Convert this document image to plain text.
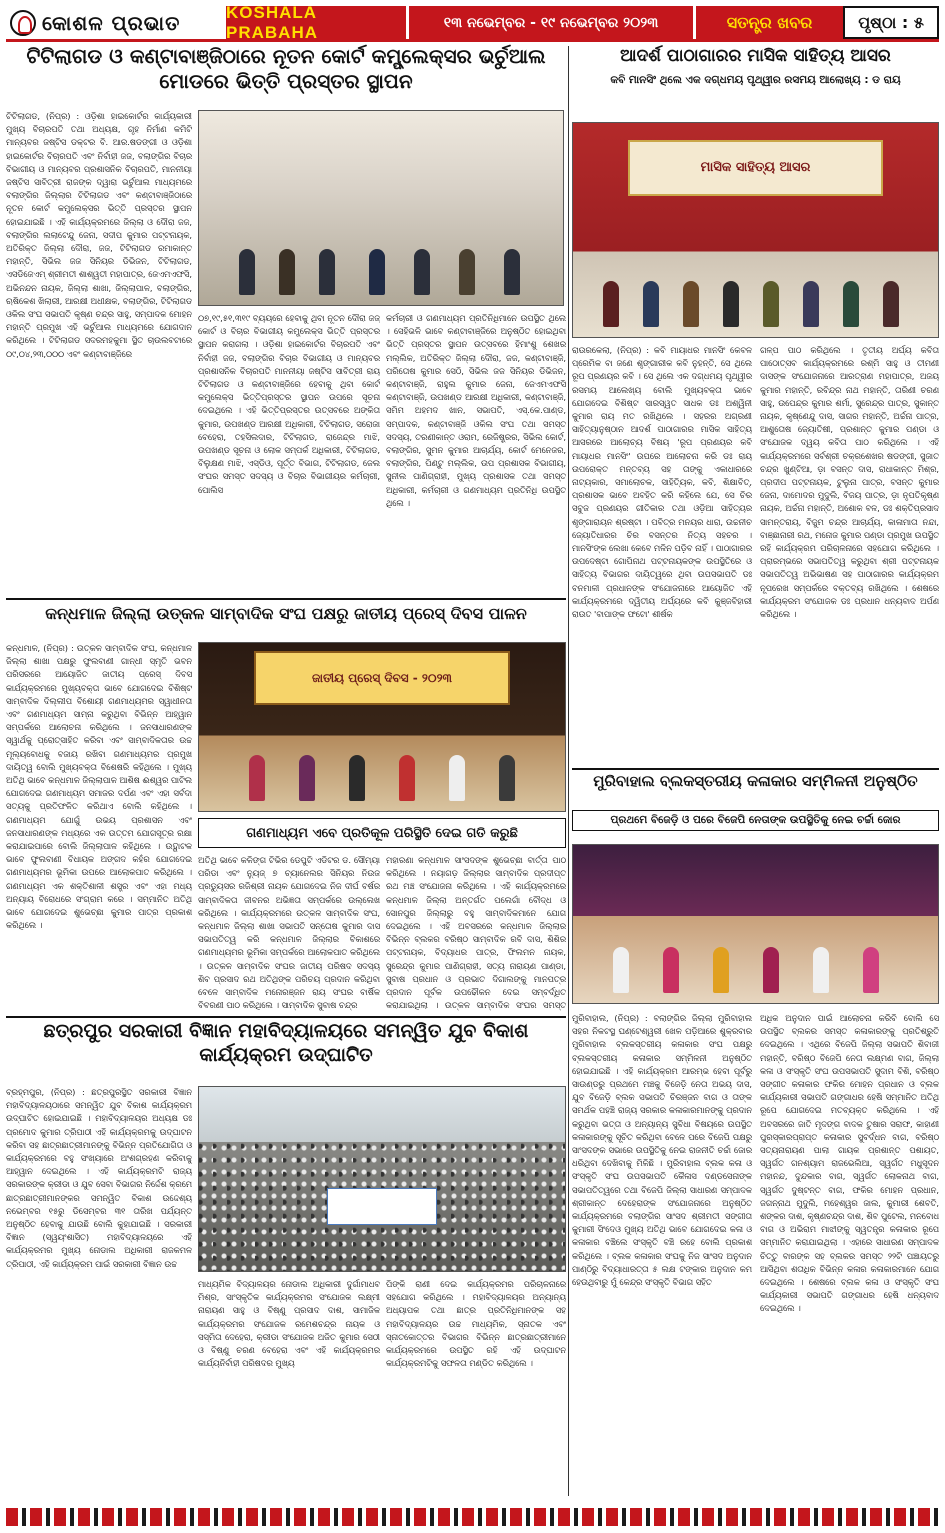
କୋଶଳ ପ୍ରଭାତ	KOSHALA PRABAHA	୧୩ ନଭେମ୍ବର - ୧୯ ନଭେମ୍ବର ୨୦୨୩	ସତନ୍ତ୍ର ଖବର	ପୃଷ୍ଠା : ୫
ଟିଟିଲାଗଡ ଓ କଣ୍ଟାବାଞ୍ଜିଠାରେ ନୂତନ କୋର୍ଟ କମ୍ପ୍ଲେକ୍ସର ଭର୍ଚୁଆଲ ମୋଡରେ ଭିତ୍ତି ପ୍ରସ୍ତର ସ୍ଥାପନ
ଟିଟିଲାଗଡ, (ନିପ୍ର) : ଓଡ଼ିଶା ହାଇକୋର୍ଟର କାର୍ଯ୍ୟକାରୀ ମୁଖ୍ୟ ବିଚାରପତି ତଥା ଅଧ୍ୟକ୍ଷ, ଗୃହ ନିର୍ମାଣ କମିଟି ମାନ୍ୟବର ଜଷ୍ଟିସ ଡକ୍ଟର ବି. ଆର.ଷଡଙ୍ଗୀ ଓ ଓଡ଼ିଶା ହାଇକୋର୍ଟର ବିଚାରପତି ଏବଂ ନିର୍ବାହୀ ଜଜ, ବଲାଙ୍ଗିର ବିଚାର ବିଭାଗୀୟ ଓ ମାନ୍ୟବର ପ୍ରଶାସନିକ ବିଚାରପତି, ମାନନୀୟା ଜଷ୍ଟିସ ସାବିତ୍ରୀ ରାଜଙ୍କ ଦ୍ୱାରା ଭର୍ଚୁଆଲ ମାଧ୍ୟମରେ ବଲାଙ୍ଗିର ଜିଲ୍ଲାର ଟିଟିଲାଗଡ ଏବଂ କଣ୍ଟାବାଞ୍ଜିଠାରେ ନୂତନ କୋର୍ଟ କମ୍ପ୍ଲେକ୍ସର ଭିତ୍ତି ପ୍ରସ୍ତର ସ୍ଥାପନ ହୋଇଯାଇଛି । ଏହି କାର୍ଯ୍ୟକ୍ରମରେ ଜିଲ୍ଲା ଓ ଦୌରା ଜଜ, ବଲାଙ୍ଗିର ଲଲାଟେନ୍ଦୁ ଜେନା, ସଦୀପ କୁମାର ପଟ୍ଟନାୟକ, ଅତିରିକ୍ତ ଜିଲ୍ଲା ଦୌରା, ଜଜ, ଟିଟିଲାଗଡ ରମାକାନ୍ତ ମହାନ୍ତି, ସିଭିଲ ଜଜ ସିନିୟର ଡିଭିଜନ, ଟିଟିଲାଗଡ, ଏସଡିଜେଏମ୍ ଶ୍ରୀମତୀ ଶାଶ୍ୱତୀ ମହାପାତ୍ର, ଜେଏମଏଫସି, ଅଭିନନ୍ଦନ ନାୟକ, ଜିଲ୍ଲା ଶାଖା, ଜିଲ୍ଲାପାଳ, ବଲାଙ୍ଗିର, ଋଷିକେଶ ଖିଲାରୀ, ଆରକ୍ଷୀ ଅଧୀକ୍ଷକ, ବଲାଙ୍ଗିର, ଟିଟିଲାଗଡ ଓକିଲ ସଂଘ ସଭାପତି କୃଷ୍ଣ ଚନ୍ଦ୍ର ସାହୁ, ସମ୍ପାଦକ ମୋହନ ମହାନ୍ତି ପ୍ରମୁଖ ଏହି ଭର୍ଚୁଆଲ ମାଧ୍ୟମରେ ଯୋଗଦାନ କରିଥିଲେ । ଟିଟିଲାଗଡ ସଦରମହକୁମା ସ୍ଥିତ ଚାଉଲବଟାରେ ୦୯,୦୪,୨୩,୦୦୦ ଏବଂ କଣ୍ଟାବାଞ୍ଜିରେ
୦୭,୧୯,୫୧,୩୧୯ ବ୍ୟୟରେ ହେବାକୁ ଥିବା ନୂତନ ଦୌରା ଜଜ୍ କୋର୍ଟ ଓ ବିଚାର ବିଭାଗୀୟ କମ୍ପ୍ଲେକ୍ସ ଭିତ୍ତି ପ୍ରସ୍ତର ସ୍ଥାପନ କରାଗଲା । ଓଡ଼ିଶା ହାଇକୋର୍ଟର ବିଚାରପତି ଏବଂ ନିର୍ବାହୀ ଜଜ, ବଲାଙ୍ଗିର ବିଚାର ବିଭାଗୀୟ ଓ ମାନ୍ୟବର ପ୍ରଶାସନିକ ବିଚାରପତି ମାନନୀୟା ଜଷ୍ଟିସ ସାବିତ୍ରୀ ରାୟ ଟିଟିଲାଗଡ ଓ କଣ୍ଟାବାଞ୍ଜିରେ ହେବାକୁ ଥିବା କୋର୍ଟ କମ୍ପ୍ଲେକ୍ସ ଭିତ୍ତିପ୍ରସ୍ତର ସ୍ଥାପନ ଉପରେ ସୂଚନା ଦେଇଥିଲେ । ଏହି ଭିତ୍ତିପ୍ରସ୍ତର ଉତ୍ସବରେ ଅଙ୍କିତା କୁମାର, ଉପଖଣ୍ଡ ଆରକ୍ଷୀ ଅଧିକାରୀ, ଟିଟିଲାଗଡ, ସରୋଜା ବେହେରା, ତହସିଲଦାର, ଟିଟିଲାଗଡ, ରାଜେନ୍ଦ୍ର ମାଝି, ଉପଖଣ୍ଡ ସୂଚନା ଓ ଲୋକ ସମ୍ପର୍କ ଅଧିକାରୀ, ଟିଟିଲାଗଡ, ବିଲୁକ୍ଷଣ ମାଝି, ଏସ୍‌ଡିଓ, ପୂର୍ତ୍ତ ବିଭାଗ, ଟିଟିଲାଗଡ, ଜେଲ ସଂଘର ସମସ୍ତ ସଦସ୍ୟ ଓ ବିଚାର ବିଭାଗୀୟର କର୍ମଚାରୀ, ପୋଲିସ
କର୍ମଚାରୀ ଓ ଗଣମାଧ୍ୟମ ପ୍ରତିନିଧିମାନେ ଉପସ୍ଥିତ ଥିଲେ । ସେହିଭଳି ଭାବେ କଣ୍ଟାବାଞ୍ଜିରେ ଅନୁଷ୍ଠିତ ହୋଇଥିବା ଭିତ୍ତି ପ୍ରସ୍ତର ସ୍ଥାପନ ଉତ୍ସବରେ ହିମାଂଶୁ ଶେଖର ମଲ୍ଲିକ, ଅତିରିକ୍ତ ଜିଲ୍ଲା ଦୌରା, ଜଜ, କଣ୍ଟାବାଞ୍ଜି, ପରିତୋଷ କୁମାର ସେଠି, ସିଭିଲ ଜଜ ସିନିୟର ଡିଭିଜନ, କଣ୍ଟାବାଞ୍ଜି, ରାହୁଲ କୁମାର ଜେନା, ଜେଏମଏଫସି କଣ୍ଟାବାଞ୍ଜି, ଉପଖଣ୍ଡ ଆରକ୍ଷୀ ଅଧିକାରୀ, କଣ୍ଟାବାଞ୍ଜି, ସମିମ ଅହମଦ ଖାନ, ସଭାପତି, ଏସ୍.କେ.ପାଣ୍ଡ, ସମ୍ପାଦକ, କଣ୍ଟାବାଞ୍ଜି ଓକିଲ ସଂଘ ତଥା ସମସ୍ତ ସଦସ୍ୟ, ତରଣୀକାନ୍ତ ଓରାମ, ରେଜିଷ୍ଟ୍ରର, ସିଭିଲ କୋର୍ଟ, ବଲାଙ୍ଗିର, ସୁମନ କୁମାର ଆଚାର୍ଯ୍ୟ, କୋର୍ଟ ମେନେଜର, ବଲାଙ୍ଗିର, ପିଣ୍ଟୁ ମଲ୍ଲିକ, ଉପ ପ୍ରଶାସକ ବିଭାଗୀୟ, ସୁନୀଲ ପାଣିଗ୍ରାହୀ, ମୁଖ୍ୟ ପ୍ରଶାସକ ତଥା ସମସ୍ତ ଅଧିକାରୀ, କର୍ମଚାରୀ ଓ ଗଣମାଧ୍ୟମ ପ୍ରତିନିଧି ଉପସ୍ଥିତ ଥିଲେ ।
ଆଦର୍ଶ ପାଠାଗାରର ମାସିକ ସାହିତ୍ୟ ଆସର
କବି ମାନସିଂ ଥିଲେ ଏକ ଦଗ୍ଧମୟ ପୃଥ୍ୱୀର ରସମୟ ଆଲୋଖ୍ୟ : ଡ ରାୟ
ମାସିକ ସାହିତ୍ୟ ଆସର
ରାଉରକେଲା, (ନିପ୍ର) : କବି ମାୟାଧର ମାନସିଂ କେବଳ ପ୍ରେମିକ ବା ଜଣେ ଶୃଙ୍ଗାରୀକ କବି ନୁହନ୍ତି, ସେ ଥିଲେ ରୂପ ପ୍ରଣୟର କବି । ସେ ଥିଲେ ଏକ ଦଗ୍ଧମୟ ପୃଥ୍ୱୀର ରସମୟ ଆଲେଖ୍ୟ ବୋଲି ମୁଖ୍ୟବକ୍ତା ଭାବେ ଯୋଗଦେଇ ବିଶିଷ୍ଟ ସାରସ୍ୱତ ସାଧକ ଡଃ ଅଶ୍ୱିନୀ କୁମାର ରାୟ ମତ ରଖିଥିଲେ । ସହରର ଅଗ୍ରଣୀ ସାହିତ୍ୟାନୁଷ୍ଠାନ ଆଦର୍ଶ ପାଠାଗାରର ମାସିକ ସାହିତ୍ୟ ଆସରରେ ଆଲୋଚ୍ୟ ବିଷୟ 'ରୂପ ପ୍ରଣୟର କବି ମାୟାଧର ମାନସିଂ' ଉପରେ ଆଲୋଚନା କରି ଡଃ ରାୟ ଉପରୋକ୍ତ ମନ୍ତବ୍ୟ ସହ ତାଙ୍କୁ ଏକାଧାରରେ ନାଟ୍ୟକାର, ସମାଲୋଚକ, ସାହିତ୍ୟିକ, କବି, ଶିକ୍ଷାବିତ୍, ପ୍ରଶାସକ ଭାବେ ଅବହିତ କରି କହିଲେ ଯେ, ସେ ଚିର ସବୁଜ ପ୍ରଣୟର ଗୀତିକାର ତଥା ଓଡ଼ିଆ ସାହିତ୍ୟର ଶୃଙ୍ଗାରାୟନ ଶ୍ରଷ୍ଟା । ପବିତ୍ର ମନୟର ଧାରା, ଉଚ୍ଚନୀଚ ଜ୍ୟୋତିଧାରର ଚିର ବସନ୍ତର ନିତ୍ୟ ସହଚର । ମାନସିଂଙ୍କ ଲେଖା କେବେ ମଳିନ ପଡ଼ିବ ନାହିଁ । ପାଠାଗାରର ଉପଦେଷ୍ଟା ଗୋପିନାଥ ପଟ୍ଟନାୟକଙ୍କ ଉପସ୍ଥିତିରେ ଓ ସାହିତ୍ୟ ବିଭାଗର ଦାୟିତ୍ୱରେ ଥିବା ଉପସଭାପତି ଡଃ ବନମାଳୀ ପ୍ରଧାନଙ୍କ ସଂଯୋଜନାରେ ଆୟୋଜିତ ଏହି କାର୍ଯ୍ୟକ୍ରମରେ ଦ୍ୱିତୀୟ ଅର୍ଘ୍ୟରେ କବି କୁଞ୍ଜବିହାରୀ ରାଉତ 'ବାପାଙ୍କ ଫଟୋ' ଶୀର୍ଷକ
ଗଳ୍ପ ପାଠ କରିଥିଲେ । ତୃତୀୟ ଅର୍ଘ୍ୟ କବିତା ପାଠୋତ୍ସବ କାର୍ଯ୍ୟକ୍ରମରେ ରଶ୍ମି ସାହୁ ଓ ତୀମଣୀ ଦାସଙ୍କ ସଂଯୋଜନାରେ ଆରତ୍ରାଣ ମହାପାତ୍ର, ଅଜୟ କୁମାର ମହାନ୍ତି, ରବିନ୍ଦ୍ର ନାଥ ମହାନ୍ତି, ତାରିଣୀ ଚରଣ ସାହୁ, ଉପେନ୍ଦ୍ର କୁମାର ଶର୍ମା, ସୁରେନ୍ଦ୍ର ପାତ୍ର, ସୁକାନ୍ତ ନାୟକ, କୃଷ୍ଣେନ୍ଦୁ ଦାସ, ସାଗର ମହାନ୍ତି, ଅର୍ଚ୍ଚନା ପାତ୍ର, ଆଶୁତୋଷ ଜ୍ୟୋତିଷୀ, ପ୍ରଶାନ୍ତ କୁମାର ପଣ୍ଡା ଓ ସଂଯୋଜକ ଦ୍ୱୟ କବିତା ପାଠ କରିଥିଲେ । ଏହି କାର୍ଯ୍ୟକ୍ରମରେ ସର୍ବଶ୍ରୀ ଚକ୍ରଶେଖର ଷଡଙ୍ଗୀ, ସୁଜାତ ଚନ୍ଦ୍ର ଖୁଣ୍ଟିଆ, ଡ଼ା ବସନ୍ତ ଦାସ, ରାଧାକାନ୍ତ ମିଶ୍ର, ପ୍ରଦୀପ ପଟ୍ଟନାୟକ, ଟୁଲୁନା ପାତ୍ର, ବସନ୍ତ କୁମାର ଜେନା, ଦାମୋଦର ମୁଦୁଲି, ବିଜୟ ପାତ୍ର, ଡ଼ା ନୃପତିକୃଷ୍ଣ ନାୟକ, ଅର୍ଚ୍ଚନା ମହାନ୍ତି, ଅଶୋକ ବଳ, ଡଃ ଶକ୍ତିପ୍ରସାଦ ସାମନ୍ତରାୟ, ବିଜୁମ ଚନ୍ଦ୍ର ଆଚାର୍ଯ୍ୟ, କାଳାମାତା ନନ୍ଦା, ବାଞ୍ଛାନାରୀ ରଥ, ମନୋଜ କୁମାର ପଣ୍ଡା ପ୍ରମୁଖ ଉପସ୍ଥିତ ରହି କାର୍ଯ୍ୟକ୍ରମ ପରିଚାଳନାରେ ସହଯୋଗ କରିଥିଲେ । ପ୍ରାରମ୍ଭରେ ସଭାପତିତ୍ୱ କରୁଥିବା ଶ୍ରୀ ପଟ୍ଟନାୟକ ସଭାପତିତ୍ୱ ଅଭିଭାଷଣ ସହ ପାଠାଗାରର କାର୍ଯ୍ୟକ୍ରମ ନୂପରେଖ ସମ୍ପର୍କରେ ବକ୍ତବ୍ୟ ରଖିଥିଲେ । ଶେଷରେ କାର୍ଯ୍ୟକ୍ରମ ସଂଯୋଜକ ଡଃ ପ୍ରଧାନ ଧନ୍ୟବାଦ ଅର୍ପଣ କରିଥିଲେ ।
କନ୍ଧମାଳ ଜିଲ୍ଲା ଉତ୍କଳ ସାମ୍ବାଦିକ ସଂଘ ପକ୍ଷରୁ ଜାତୀୟ ପ୍ରେସ୍ ଦିବସ ପାଳନ
କନ୍ଧମାଳ, (ନିପ୍ର) : ଉତ୍କଳ ସାମ୍ବାଦିକ ସଂଘ, କନ୍ଧମାଳ ଜିଲ୍ଲା ଶାଖା ପକ୍ଷରୁ ଫୁଲବାଣୀ ଗାନ୍ଧୀ ସ୍ମୃତି ଭବନ ପରିସରରେ ଆୟୋଜିତ ଜାତୀୟ ପ୍ରେସ୍ ଦିବସ କାର୍ଯ୍ୟକ୍ରମରେ ମୁଖ୍ୟବକ୍ତା ଭାବେ ଯୋଗଦେଇ ବିଶିଷ୍ଟ ସାମ୍ବାଦିକ ଦିଲ୍ଲୀପ ବିଶୋୟୀ ଗଣମାଧ୍ୟମର ସ୍ୱାଧୀନତା ଏବଂ ଗଣମାଧ୍ୟମ ସାମ୍ନା କରୁଥିବା ବିଭିନ୍ନ ଆହ୍ୱାନ ସମ୍ପର୍କରେ ଆଲୋଚନା କରିଥିଲେ । ଜନସାଧାରଣଙ୍କ ସ୍ୱାର୍ଥକୁ ପ୍ରୋତ୍ସାହିତ କରିବା ଏବଂ ସାମ୍ବାଦିକତାର ଉଚ୍ଚ ମୂଲ୍ୟବୋଧକୁ ବଜାୟ ରଖିବା ଗଣମାଧ୍ୟମର ପ୍ରମୁଖ ଦାୟିତ୍ୱ ବୋଲି ମୁଖ୍ୟବକ୍ତା ବିଶେଷରି କହିଥିଲେ । ମୁଖ୍ୟ ଅତିଥି ଭାବେ କନ୍ଧମାଳ ଜିଲ୍ଲାପାଳ ଆଶିଷ ଈଶ୍ୱର ପାଟିଲ ଯୋଗଦେଇ ଗଣମାଧ୍ୟମ ସମାଜର ଦର୍ପଣ ଏବଂ ଏହା ସର୍ବଦା ସତ୍ୟକୁ ପ୍ରତିଫଳିତ କରିଥାଏ ବୋଲି କହିଥିଲେ । ଗଣମାଧ୍ୟମ ଯୋଗୁଁ ଉଭୟ ପ୍ରଶାସନ ଏବଂ ଜନସାଧାରଣଙ୍କ ମଧ୍ୟରେ ଏକ ଉତ୍ତମ ଯୋଗସୂତ୍ର ରକ୍ଷା କରାଯାଇପାରେ ବୋଲି ଜିଲ୍ଲାପାଳ କହିଥିଲେ । ଉଦ୍ଘାଟକ ଭାବେ ଫୁଲବାଣୀ ବିଧାୟକ ଅଙ୍ଗଦ କହଁର ଯୋଗଦେଇ ଗଣମାଧ୍ୟମର ଭୂମିକା ଉପରେ ଆଲୋକପାତ କରିଥିଲେ । ଗଣମାଧ୍ୟମ ଏକ ଶକ୍ତିଶାଳୀ ଶସ୍ତ୍ର ଏବଂ ଏହା ମଧ୍ୟ ଅନ୍ୟାୟ ବିରୋଧରେ ସଂଗ୍ରାମ କରେ । ସମ୍ମାନିତ ଅତିଥି ଭାବେ ଯୋଗଦେଇ ଶୁଭେଚ୍ଛା କୁମାର ପାତ୍ର ପ୍ରକାଶ କରିଥିଲେ ।
ଜାତୀୟ ପ୍ରେସ୍ ଦିବସ - ୨୦୨୩
ଗଣମାଧ୍ୟମ ଏବେ ପ୍ରତିକୂଳ ପରିସ୍ଥିତି ଦେଇ ଗତି କରୁଛି
ଅତିଥି ଭାବେ କଳିଙ୍ଗ ଟିଭିର ଡେପୁଟି ଏଡିଟର ଡ. ସୌମ୍ୟା ପରିଡା ଏବଂ ନ୍ୟୁଜ୍ ୭ ଚ୍ୟାନେଲର ସିନିୟର ନିଉଜ ପ୍ରଡ୍ୟୁସର ରଜିଶ୍ରୀ ନାୟକ ଯୋଗଦେଇ ନିଜ ଦୀର୍ଘ ବର୍ଷର ସାମ୍ବାଦିକତା ଜୀବନର ଅଭିଜ୍ଞତା ସମ୍ପର୍କରେ ଉଲ୍ଲେଖ କରିଥିଲେ । କାର୍ଯ୍ୟକ୍ରମରେ ଉତ୍କଳ ସାମ୍ବାଦିକ ସଂଘ, କନ୍ଧମାଳ ଜିଲ୍ଲା ଶାଖା ସଭାପତି ସନ୍ତୋଷ କୁମାର ଦାସ ସଭାପତିତ୍ୱ କରି କନ୍ଧମାଳ ଜିଲ୍ଲାର ବିକାଶରେ ଗଣମାଧ୍ୟମର ଭୂମିକା ସମ୍ପର୍କରେ ଆଲୋକପାତ କରିଥିଲେ । ଉତ୍କଳ ସାମ୍ବାଦିକ ସଂଘର ଜାତୀୟ ପରିଷଦ ସଦସ୍ୟ ଶିବ ପ୍ରସାଦ ରଥ ଅତିଥିଙ୍କ ପରିଚୟ ପ୍ରଦାନ କରିଥିବା ବେଳେ ସାମ୍ବାଦିକ ମନୋରଞ୍ଜନ ରାୟ ସଂଘର ବାର୍ଷିକ ବିବରଣୀ ପାଠ କରିଥିଲେ । ସାମ୍ବାଦିକ ସୁବାଷ ଚନ୍ଦ୍ର
ମହାରଣା କନ୍ଧମାଳ ସାଂସଦଙ୍କ ଶୁଭେଚ୍ଛା ବାର୍ତ୍ତା ପାଠ କରିଥିଲେ । ନୟାଗଡ଼ ଜିଲ୍ଲାର ସାମ୍ବାଦିକ ପ୍ରଦୀପ୍ତ ରଥ ମଞ୍ଚ ସଂଯୋଜନା କରିଥିଲେ । ଏହି କାର୍ଯ୍ୟକ୍ରମରେ କନ୍ଧମାଳ ଜିଲ୍ଲା ଅନ୍ତର୍ଗତ ପଲେଗାଁ ବୌଦ୍ଧ ଓ ସୋନପୁର ଜିଲ୍ଲାରୁ ବହୁ ସାମ୍ବାଦିକମାନେ ଯୋଗ ଦେଇଥିଲେ । ଏହି ଅବସରରେ କନ୍ଧମାଳ ଜିଲ୍ଲାର ବିଭିନ୍ନ ବ୍ଲକର ବରିଷ୍ଠ ସାମ୍ବାଦିକ ରବି ଦାସ, ଶିଶିର ପଟ୍ଟନାୟକ, ବିଦ୍ୟାଧର ପାତ୍ର, ଫିଲମନ ନାୟକ, ସୁରେନ୍ଦ୍ର କୁମାର ପାଣିଗ୍ରାହୀ, ସତ୍ୟ ନାରାୟଣ ପାଣ୍ଡା, ସୁବାଷ ପ୍ରଧାନ ଓ ପ୍ରଭାତ ଦିଗାଲଙ୍କୁ ମାନପତ୍ର ପ୍ରଦାନ ପୂର୍ବକ ଉପଢୌକନ ଦେଇ ସମ୍ବର୍ଦ୍ଧିତ କରାଯାଇଥିଲା । ଉତ୍କଳ ସାମ୍ବାଦିକ ସଂଘର ସମସ୍ତ
ମୁରିବାହାଲ ବ୍ଲକସ୍ତରୀୟ କଳାକାର ସମ୍ମିଳନୀ ଅନୁଷ୍ଠିତ
ପ୍ରଥମେ ବିଜେଡ଼ି ଓ ପରେ ବିଜେପି ନେତାଙ୍କ ଉପସ୍ଥିତିକୁ ନେଇ ଚର୍ଚ୍ଚା ଜୋର
ମୁରିବାହାଲ, (ନିପ୍ର) : ବଲାଙ୍ଗିର ଜିଲ୍ଲା ମୁରିବାହାଲ ସହର ନିକଟସ୍ଥ ଘଣ୍ଟେଶ୍ୱରୀ ଖେଳ ପଡ଼ିଆରେ ଶୁକ୍ରବାର ମୁରିବାହାଲ ବ୍ଲକସ୍ତରୀୟ କଳାକାର ସଂଘ ପକ୍ଷରୁ ବ୍ଲକସ୍ତରୀୟ କଳାକାର ସମ୍ମିଳନୀ ଅନୁଷ୍ଠିତ ହୋଇଯାଇଛି । ଏହି କାର୍ଯ୍ୟକ୍ରମ ଆରମ୍ଭ ହେବା ପୂର୍ବରୁ ସାଉଣ୍ଡରୁ ପ୍ରଥମେ ମଞ୍ଚକୁ ବିଜେଡ଼ି ନେତା ଅଭୟ ଦାସ, ଯୁବ ବିଜେଡ଼ି ବ୍ଲକ ସଭାପତି ଚିରଞ୍ଜନ ବାଗ ଓ ତାଙ୍କ ସମର୍ଥକ ପହଞ୍ଚି ରାଜ୍ୟ ସରକାର କଳାକାରମାନଙ୍କୁ ପ୍ରଦାନ କରୁଥିବା ଭତ୍ତା ଓ ଅନ୍ୟାନ୍ୟ ସୁବିଧା ବିଷୟରେ ଉପସ୍ଥିତ କଳାକାରଙ୍କୁ ସୂଚିତ କରିଥିବା ବେଳେ ପରେ ବିଜେପି ପକ୍ଷରୁ ସାଂସଦଙ୍କ ସଭାରେ ଉପସ୍ଥିତିକୁ ନେଇ ରାଜନୀତି ଚର୍ଚ୍ଚା ଜୋର ଧରିଥିବା ଦେଖିବାକୁ ମିଳିଛି । ମୁରିବାହାଲ ବ୍ଲକ କଳା ଓ ସଂସ୍କୃତି ସଂଘ ଉପସଭାପତି କୈଳାସ ଦଣ୍ଡସେନାଙ୍କ ସଭାପତିତ୍ୱରେ ତଥା ବିଜେପି ଜିଲ୍ଲା ସାଧାରଣ ସମ୍ପାଦକ ଶ୍ରୀକାନ୍ତ ଦେହେରାଙ୍କ ସଂଯୋଜନାରେ ଅନୁଷ୍ଠିତ କାର୍ଯ୍ୟକ୍ରମରେ ବଲାଙ୍ଗିର ସାଂସଦ ଶ୍ରୀମତୀ ସଙ୍ଗୀତା କୁମାରୀ ସିଂଦେଓ ମୁଖ୍ୟ ଅତିଥି ଭାବେ ଯୋଗଦେଇ କଳା ଓ କଳାକାର ବଞ୍ଚିଲେ ସଂସ୍କୃତି ବଞ୍ଚି ରହେ ବୋଲି ପ୍ରକାଶ କରିଥିଲେ । ବ୍ଲକ କଳାକାର ସଂଘକୁ ନିଜ ସାଂସଦ ଅନୁଦାନ ପାଣ୍ଠିରୁ ବିଦ୍ୟାଧାରତ୍ତା ୫ ଲକ୍ଷ ଟଙ୍କାର ଅନୁଦାନ କମ ହେଉଥିବାରୁ ମୁଁ କେନ୍ଦ୍ର ସଂସ୍କୃତି ବିଭାଗ ସହିତ
ଅଧିକ ଅନୁଦାନ ପାଇଁ ଆଲୋଚନା କରିବି ବୋଲି ସେ ଉପସ୍ଥିତ ବ୍ଲକର ସମସ୍ତ କଳାକାରଙ୍କୁ ପ୍ରତିଶ୍ରୁତି ଦେଇଥିଲେ । ଏଥିରେ ବିଜେପି ଜିଲ୍ଲା ସଭାପତି ଶିବାଜୀ ମହାନ୍ତି, ବରିଷ୍ଠ ବିଜେପି ନେତା ଲକ୍ଷ୍ମଣ ବାଗ, ଜିଲ୍ଲା କଳା ଓ ସଂସ୍କୃତି ସଂଘ ଉପସଭାପତି ସୁଦାମ ବିଶି, ବରିଷ୍ଠ ସଙ୍ଗୀତ କଳାକାର ଫକିର ମୋହନ ପ୍ରଧାନ ଓ ବ୍ଲକ କାର୍ଯ୍ୟକାରୀ ସଭାପତି ଗଙ୍ଗାଧର ହେଷି ସମ୍ମାନିତ ଅତିଥି ରୂପେ ଯୋଗଦେଇ ମତବ୍ୟକ୍ତ କରିଥିଲେ । ଏହି ଅବସରରେ ଜାତି ମୃଦଙ୍ଗ ବାଦକ ତୁଷାର ସରାଫ, କାହାଣୀ ପୁରସ୍କାରପ୍ରାପ୍ତ କଳାକାର ସୁବର୍ଦ୍ଧନ ବାଗ, ବରିଷ୍ଠ ସତ୍ୟନାରାୟଣ ପାଲା ଗାୟକ ପ୍ରଶାନ୍ତ ପଶାୟତ, ସ୍ୱର୍ଗତ ଗନଶ୍ୟାମ ରାଜଭେଲିଆ, ସ୍ୱର୍ଗତ ମଧୁସୂଦନ ମହାନନ୍ଦ, ଦୁନ୍ଦକାର ବାଗ, ସ୍ୱର୍ଗତ ଲୋକନାଥ ବାଗ, ସ୍ୱର୍ଗତ ଦୁଷ୍ଟନ୍ତ ବାଗ, ଫକିର ମୋହନ ପ୍ରଧାନ, ଜଗନ୍ନାଥ ମୁଦୁଲି, ମହେଶ୍ୱର ଜାଲ, କୁମାରୀ ଶେବତି, ଶଙ୍କର ଦାଶ, କୃଷ୍ଣଚନ୍ଦ୍ର ଦାଶ, ଶିବ ପୁଟେଲ, ମନବୋଧ ବାଗ ଓ ଅଭିରାମ ମାଝୀଙ୍କୁ ସ୍ୱତନ୍ତ୍ର କଳାକାର ରୂପେ ସମ୍ମାନିତ କରାଯାଇଥିଲା । ଏହାରେ ସାଧାରଣ ସମ୍ପାଦକ ଚିତ୍ତୁ ବାରଙ୍କ ସହ ବ୍ଲକର ସମସ୍ତ ୨୨ଟି ପଞ୍ଚାୟତରୁ ଆସିଥିବା ଶତାଧିକ ବିଭିନ୍ନ କଳାର କଳାକାରମାନେ ଯୋଗ ଦେଇଥିଲେ । ଶେଷରେ ବ୍ଲକ କଳା ଓ ସଂସ୍କୃତି ସଂଘ କାର୍ଯ୍ୟକାରୀ ସଭାପତି ଗଙ୍ଗାଧର ହେଷି ଧନ୍ୟବାଦ ଦେଇଥିଲେ ।
ଛତ୍ରପୁର ସରକାରୀ ବିଜ୍ଞାନ ମହାବିଦ୍ୟାଳୟରେ ସମନ୍ୱିତ ଯୁବ ବିକାଶ କାର୍ଯ୍ୟକ୍ରମ ଉଦ୍‌ଘାଟିତ
ବ୍ରହ୍ମପୁର, (ନିପ୍ର) : ଛତ୍ରପୁରସ୍ଥିତ ସରକାରୀ ବିଜ୍ଞାନ ମହାବିଦ୍ୟାଳୟଠାରେ ସମନ୍ୱିତ ଯୁବ ବିକାଶ କାର୍ଯ୍ୟକ୍ରମ ଉଦ୍‌ଘାଟିତ ହୋଇଯାଇଛି । ମହାବିଦ୍ୟାଳୟର ଅଧ୍ୟକ୍ଷ ଡଃ ପ୍ରମୋଦ କୁମାର ତ୍ରିପାଠୀ ଏହି କାର୍ଯ୍ୟକ୍ରମକୁ ଉଦ୍‌ଘାଟନ କରିବା ସହ ଛାତ୍ରଛାତ୍ରୀମାନଙ୍କୁ ବିଭିନ୍ନ ପ୍ରତିଯୋଗିତା ଓ କାର୍ଯ୍ୟକ୍ରମରେ ବହୁ ସଂଖ୍ୟାରେ ଅଂଶଗ୍ରହଣ କରିବାକୁ ଆହ୍ୱାନ ଦେଇଥିଲେ । ଏହି କାର୍ଯ୍ୟକ୍ରମଟି ରାଜ୍ୟ ସରକାରଙ୍କ କ୍ରୀଡା ଓ ଯୁବ ସେବା ବିଭାଗର ନିର୍ଦ୍ଦେଶ କ୍ରମେ ଛାତ୍ରଛାତ୍ରୀମାନଙ୍କର ସମନ୍ୱିତ ବିକାଶ ଉଦ୍ଦେଶ୍ୟ ନଭେମ୍ବର ୧୫ରୁ ଡିସେମ୍ବର ୩୧ ତାରିଖ ପର୍ଯ୍ୟନ୍ତ ଅନୁଷ୍ଠିତ ହେବାକୁ ଯାଉଛି ବୋଲି କୁହାଯାଇଛି । ସରକାରୀ ବିଜ୍ଞାନ (ସ୍ୱୟଂଶାସିତ) ମହାବିଦ୍ୟାଳୟରେ ଏହି କାର୍ଯ୍ୟକ୍ରମର ମୁଖ୍ୟ ନୋଡାଲ ଅଧିକାରୀ ରାଜକମଳ ତ୍ରିପାଠୀ, ଏହି କାର୍ଯ୍ୟକ୍ରମ ପାଇଁ ସରକାରୀ ବିଜ୍ଞାନ ଉଚ୍ଚ
ମାଧ୍ୟମିକ ବିଦ୍ୟାଳୟର ନୋଡାଲ ଅଧିକାରୀ ଦୁର୍ଗାମାଧବ ମିଶ୍ର, ସାଂସ୍କୃତିକ କାର୍ଯ୍ୟକ୍ରମର ସଂଯୋଜକ ଲକ୍ଷ୍ମୀ ନାରାୟଣ ସାହୁ ଓ ବିଷ୍ଣୁ ପ୍ରସାଦ ଦାଶ, ସାମାଜିକ କାର୍ଯ୍ୟକ୍ରମର ସଂଯୋଜକ ରମେଶଚନ୍ଦ୍ର ନାୟକ ଓ ସସ୍ମିତା ଦେହେରା, କ୍ରୀଡା ସଂଯୋଜକ ଅଜିତ କୁମାର ସେଠୀ ଓ ବିଷ୍ଣୁ ଚରଣ ବେହେରା ଏବଂ ଏହି କାର୍ଯ୍ୟକ୍ରମର କାର୍ଯ୍ୟନିର୍ବାହୀ ପରିଷଦର ମୁଖ୍ୟ
ପିଙ୍କି ରାଣୀ ଦେଇ କାର୍ଯ୍ୟକ୍ରମର ପରିଚାଳନାରେ ସହଯୋଗ କରିଥିଲେ । ମହାବିଦ୍ୟାଳୟର ଅନ୍ୟାନ୍ୟ ଅଧ୍ୟାପକ ତଥା ଛାତ୍ର ପ୍ରତିନିଧିମାନଙ୍କ ସହ ମହାବିଦ୍ୟାଳୟର ଉଚ୍ଚ ମାଧ୍ୟମିକ, ସ୍ନାତକ ଏବଂ ସ୍ନାତକୋତ୍ତର ବିଭାଗର ବିଭିନ୍ନ ଛାତ୍ରଛାତ୍ରୀମାନେ କାର୍ଯ୍ୟକ୍ରମରେ ଉପସ୍ଥିତ ରହି ଏହି ଉଦ୍‌ଘାଟନ କାର୍ଯ୍ୟକ୍ରମଟିକୁ ସଫଳତା ମଣ୍ଡିତ କରିଥିଲେ ।
